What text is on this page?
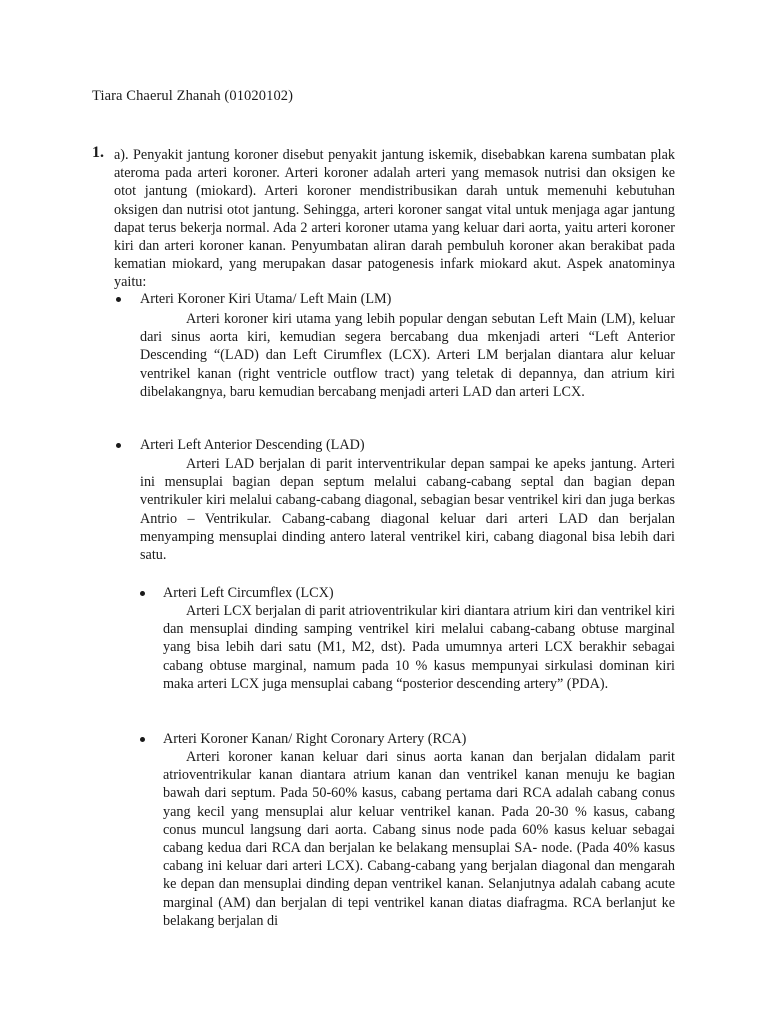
Tiara Chaerul Zhanah (01020102)
1. a). Penyakit jantung koroner disebut penyakit jantung iskemik, disebabkan karena sumbatan plak ateroma pada arteri koroner. Arteri koroner adalah arteri yang memasok nutrisi dan oksigen ke otot jantung (miokard). Arteri koroner mendistribusikan darah untuk memenuhi kebutuhan oksigen dan nutrisi otot jantung. Sehingga, arteri koroner sangat vital untuk menjaga agar jantung dapat terus bekerja normal. Ada 2 arteri koroner utama yang keluar dari aorta, yaitu arteri koroner kiri dan arteri koroner kanan. Penyumbatan aliran darah pembuluh koroner akan berakibat pada kematian miokard, yang merupakan dasar patogenesis infark miokard akut. Aspek anatominya yaitu:

Arteri Koroner Kiri Utama/ Left Main (LM)

Arteri koroner kiri utama yang lebih popular dengan sebutan Left Main (LM), keluar dari sinus aorta kiri, kemudian segera bercabang dua mkenjadi arteri “Left Anterior Descending “(LAD) dan Left Cirumflex (LCX). Arteri LM berjalan diantara alur keluar ventrikel kanan (right ventricle outflow tract) yang teletak di depannya, dan atrium kiri dibelakangnya, baru kemudian bercabang menjadi arteri LAD dan arteri LCX.

Arteri Left Anterior Descending (LAD)

Arteri LAD berjalan di parit interventrikular depan sampai ke apeks jantung. Arteri ini mensuplai bagian depan septum melalui cabang-cabang septal dan bagian depan ventrikuler kiri melalui cabang-cabang diagonal, sebagian besar ventrikel kiri dan juga berkas Antrio – Ventrikular. Cabang-cabang diagonal keluar dari arteri LAD dan berjalan menyamping mensuplai dinding antero lateral ventrikel kiri, cabang diagonal bisa lebih dari satu.

Arteri Left Circumflex (LCX)

Arteri LCX berjalan di parit atrioventrikular kiri diantara atrium kiri dan ventrikel kiri dan mensuplai dinding samping ventrikel kiri melalui cabang-cabang obtuse marginal yang bisa lebih dari satu (M1, M2, dst). Pada umumnya arteri LCX berakhir sebagai cabang obtuse marginal, namum pada 10 % kasus mempunyai sirkulasi dominan kiri maka arteri LCX juga mensuplai cabang “posterior descending artery” (PDA).

Arteri Koroner Kanan/ Right Coronary Artery (RCA)

Arteri koroner kanan keluar dari sinus aorta kanan dan berjalan didalam parit atrioventrikular kanan diantara atrium kanan dan ventrikel kanan menuju ke bagian bawah dari septum. Pada 50-60% kasus, cabang pertama dari RCA adalah cabang conus yang kecil yang mensuplai alur keluar ventrikel kanan. Pada 20-30 % kasus, cabang conus muncul langsung dari aorta. Cabang sinus node pada 60% kasus keluar sebagai cabang kedua dari RCA dan berjalan ke belakang mensuplai SA- node. (Pada 40% kasus cabang ini keluar dari arteri LCX). Cabang-cabang yang berjalan diagonal dan mengarah ke depan dan mensuplai dinding depan ventrikel kanan. Selanjutnya adalah cabang acute marginal (AM) dan berjalan di tepi ventrikel kanan diatas diafragma. RCA berlanjut ke belakang berjalan di
